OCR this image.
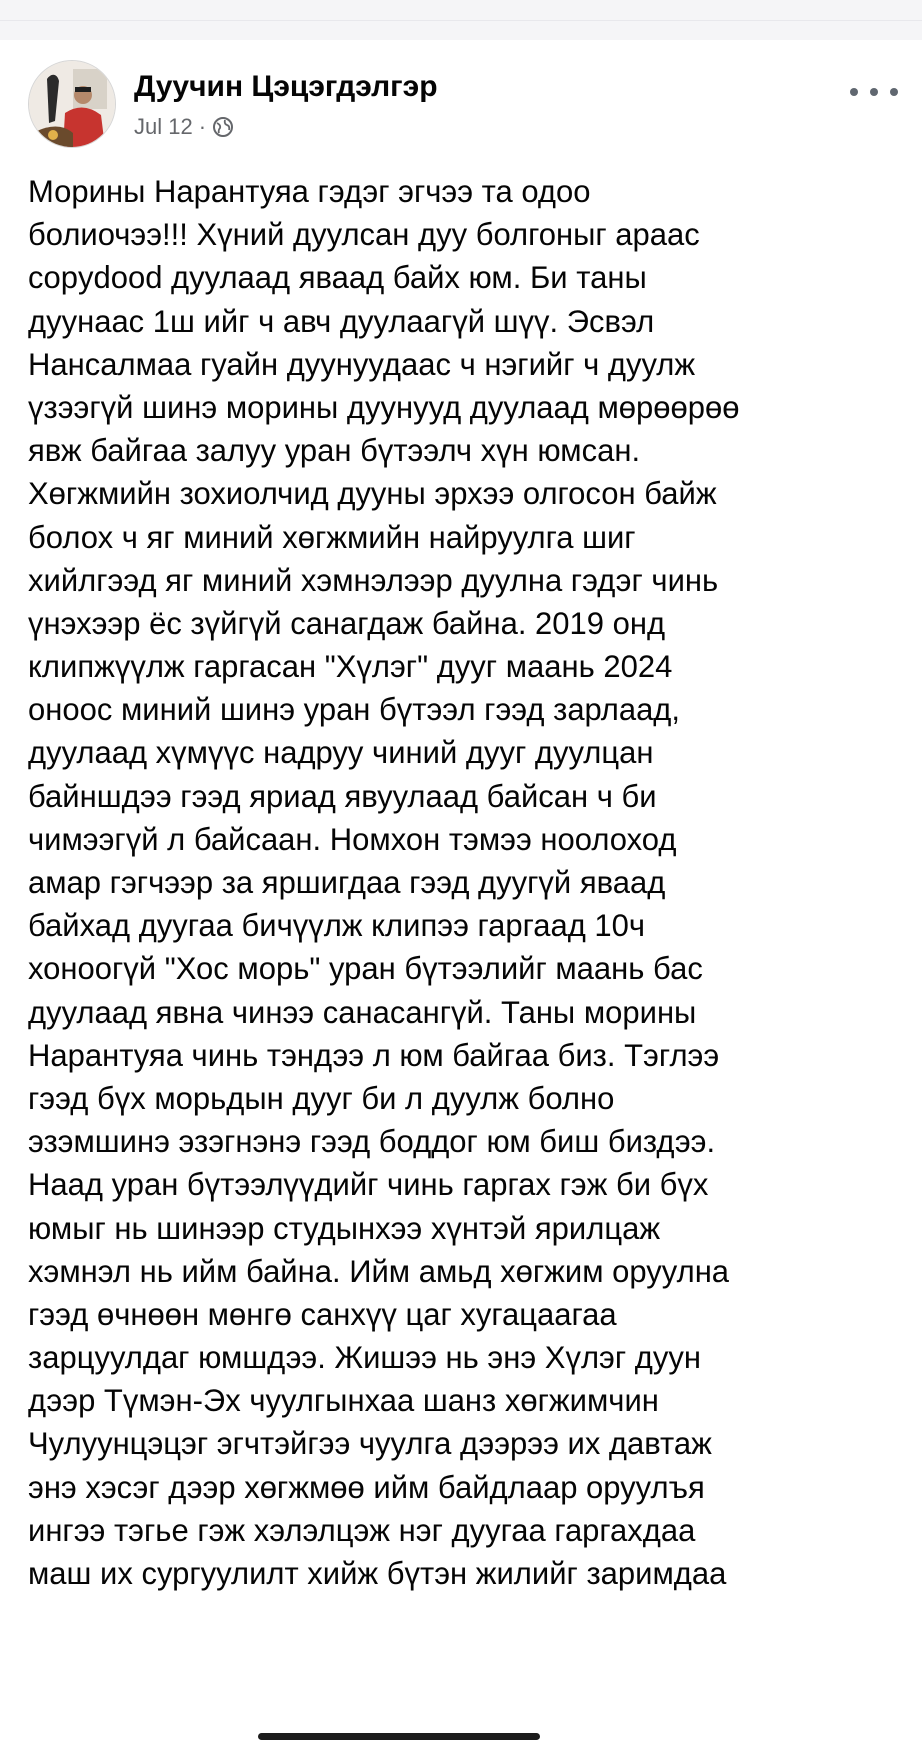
Дуучин Цэцэгдэлгэр
Jul 12 ·
Морины Нарантуяа гэдэг эгчээ та одоо
болиочээ!!! Хүний дуулсан дуу болгоныг араас
copydood дуулаад яваад байх юм. Би таны
дуунаас 1ш ийг ч авч дуулаагүй шүү. Эсвэл
Нансалмаа гуайн дуунуудаас ч нэгийг ч дуулж
үзээгүй шинэ морины дуунууд дуулаад мөрөөрөө
явж байгаа залуу уран бүтээлч хүн юмсан.
Хөгжмийн зохиолчид дууны эрхээ олгосон байж
болох ч яг миний хөгжмийн найруулга шиг
хийлгээд яг миний хэмнэлээр дуулна гэдэг чинь
үнэхээр ёс зүйгүй санагдаж байна. 2019 онд
клипжүүлж гаргасан "Хүлэг" дууг маань 2024
оноос миний шинэ уран бүтээл гээд зарлаад,
дуулаад хүмүүс надруу чиний дууг дуулцан
байншдээ гээд яриад явуулаад байсан ч би
чимээгүй л байсаан. Номхон тэмээ ноолоход
амар гэгчээр за яршигдаа гээд дуугүй яваад
байхад дуугаа бичүүлж клипээ гаргаад 10ч
хоноогүй "Хос морь" уран бүтээлийг маань бас
дуулаад явна чинээ санасангүй. Таны морины
Нарантуяа чинь тэндээ л юм байгаа биз. Тэглээ
гээд бүх морьдын дууг би л дуулж болно
эзэмшинэ эзэгнэнэ гээд боддог юм биш биздээ.
Наад уран бүтээлүүдийг чинь гаргах гэж би бүх
юмыг нь шинээр студынхээ хүнтэй ярилцаж
хэмнэл нь ийм байна. Ийм амьд хөгжим оруулна
гээд өчнөөн мөнгө санхүү цаг хугацаагаа
зарцуулдаг юмшдээ. Жишээ нь энэ Хүлэг дуун
дээр Түмэн-Эх чуулгынхаа шанз хөгжимчин
Чулуунцэцэг эгчтэйгээ чуулга дээрээ их давтаж
энэ хэсэг дээр хөгжмөө ийм байдлаар оруулъя
ингээ тэгье гэж хэлэлцэж нэг дуугаа гаргахдаа
маш их сургуулилт хийж бүтэн жилийг заримдаа
